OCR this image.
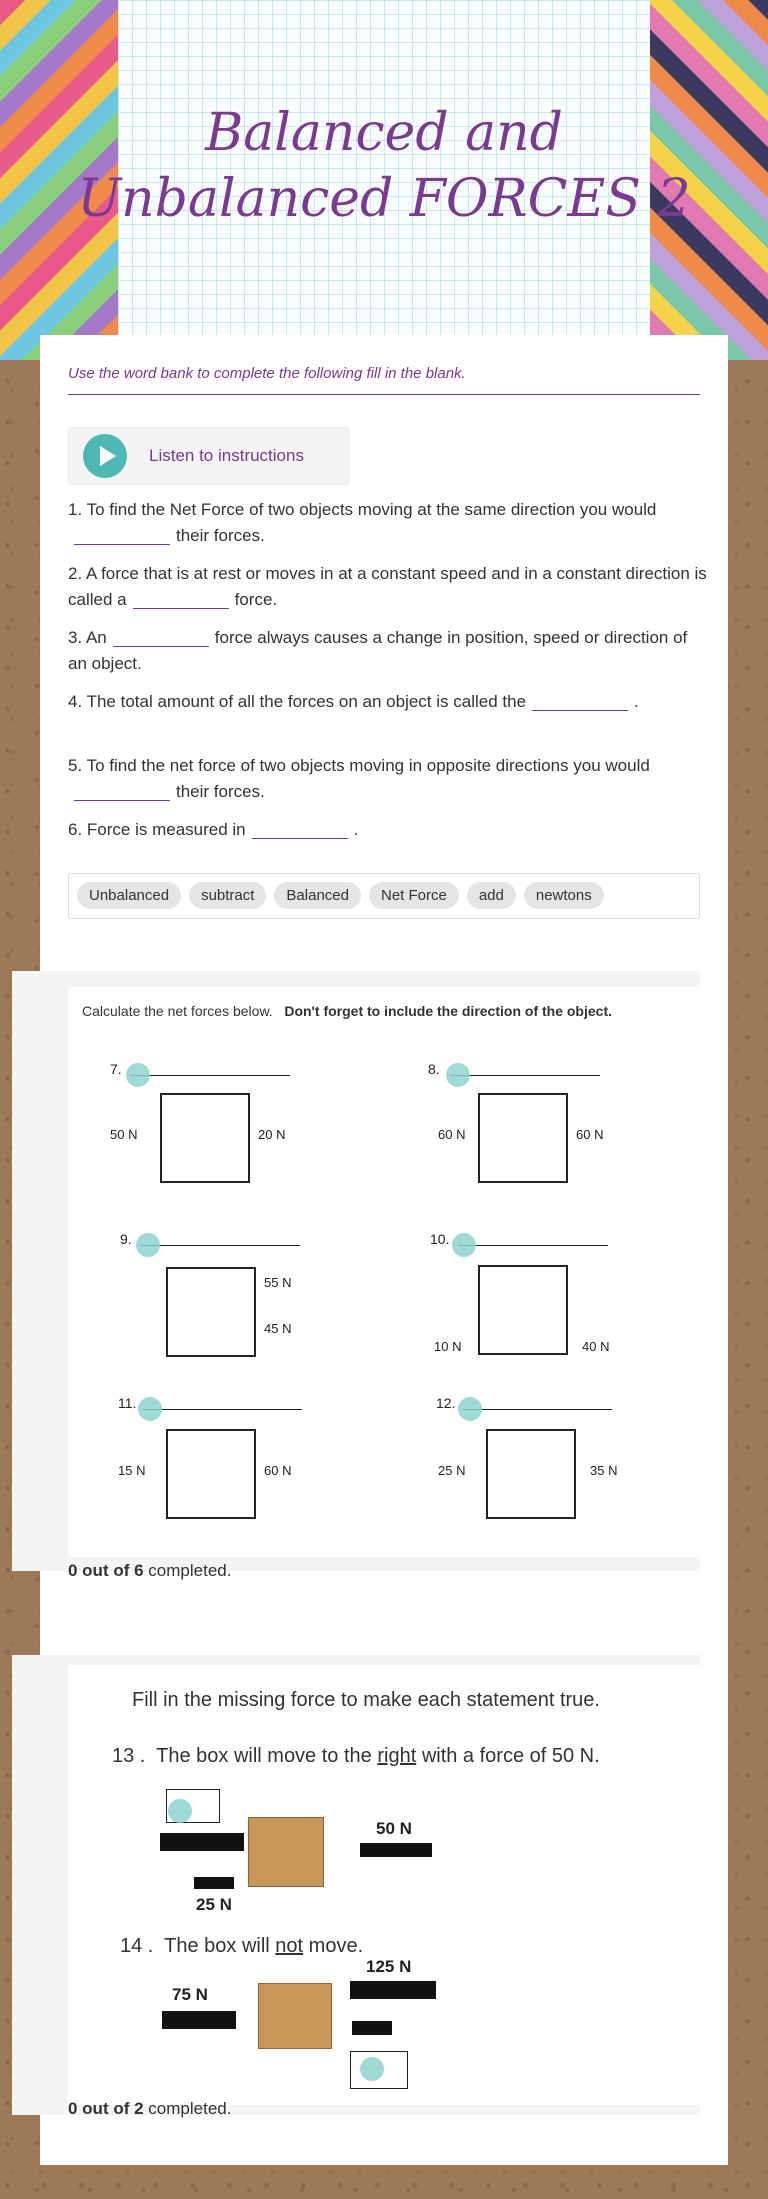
Balanced and Unbalanced FORCES 2
Use the word bank to complete the following fill in the blank.
Listen to instructions
1. To find the Net Force of two objects moving at the same direction you wouldtheir forces.
2. A force that is at rest or moves in at a constant speed and in a constant direction is called a	force.
3. An	force always causes a change in position, speed or direction of an object.
4. The total amount of all the forces on an object is called the	.
5. To find the net force of two objects moving in opposite directions you wouldtheir forces.
6. Force is measured in	.
Unbalanced subtract Balanced Net Force add newtons
Calculate the net forces below. Don't forget to include the direction of the object.
7.
50 N	20 N
8.
60 N	60 N
9.
55 N
45 N
10.
10 N	40 N
11.
15 N	60 N
12.
25 N	35 N
0 out of 6 completed.
Fill in the missing force to make each statement true.
13 . The box will move to the right with a force of 50 N.
25 N
50 N
14 . The box will not move.
75 N
125 N
0 out of 2 completed.
